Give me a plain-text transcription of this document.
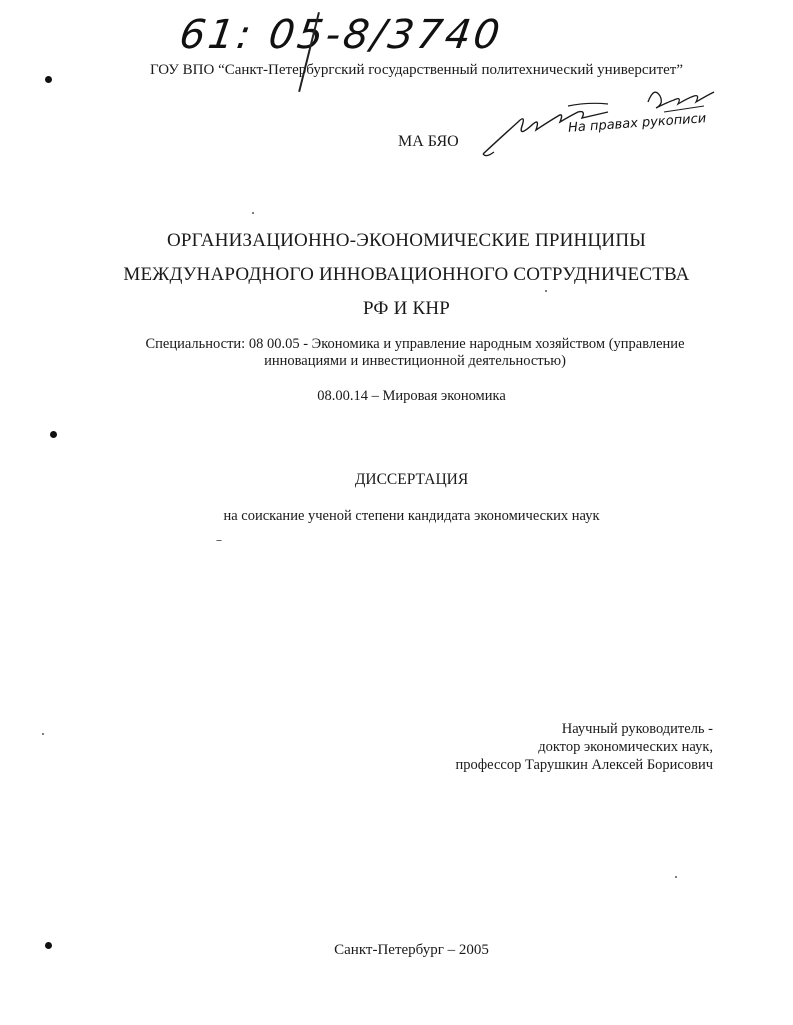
61: 05-8/3740
ГОУ ВПО “Санкт-Петербургский государственный политехнический университет”
МА БЯО
На правах рукописи
ОРГАНИЗАЦИОННО-ЭКОНОМИЧЕСКИЕ ПРИНЦИПЫ
МЕЖДУНАРОДНОГО ИННОВАЦИОННОГО СОТРУДНИЧЕСТВА
РФ И КНР
Специальности: 08 00.05 - Экономика и управление народным хозяйством (управление инновациями и инвестиционной деятельностью)
08.00.14 – Мировая экономика
ДИССЕРТАЦИЯ
на соискание ученой степени кандидата экономических наук
Научный руководитель -
доктор экономических наук,
профессор Тарушкин Алексей Борисович
Санкт-Петербург – 2005
